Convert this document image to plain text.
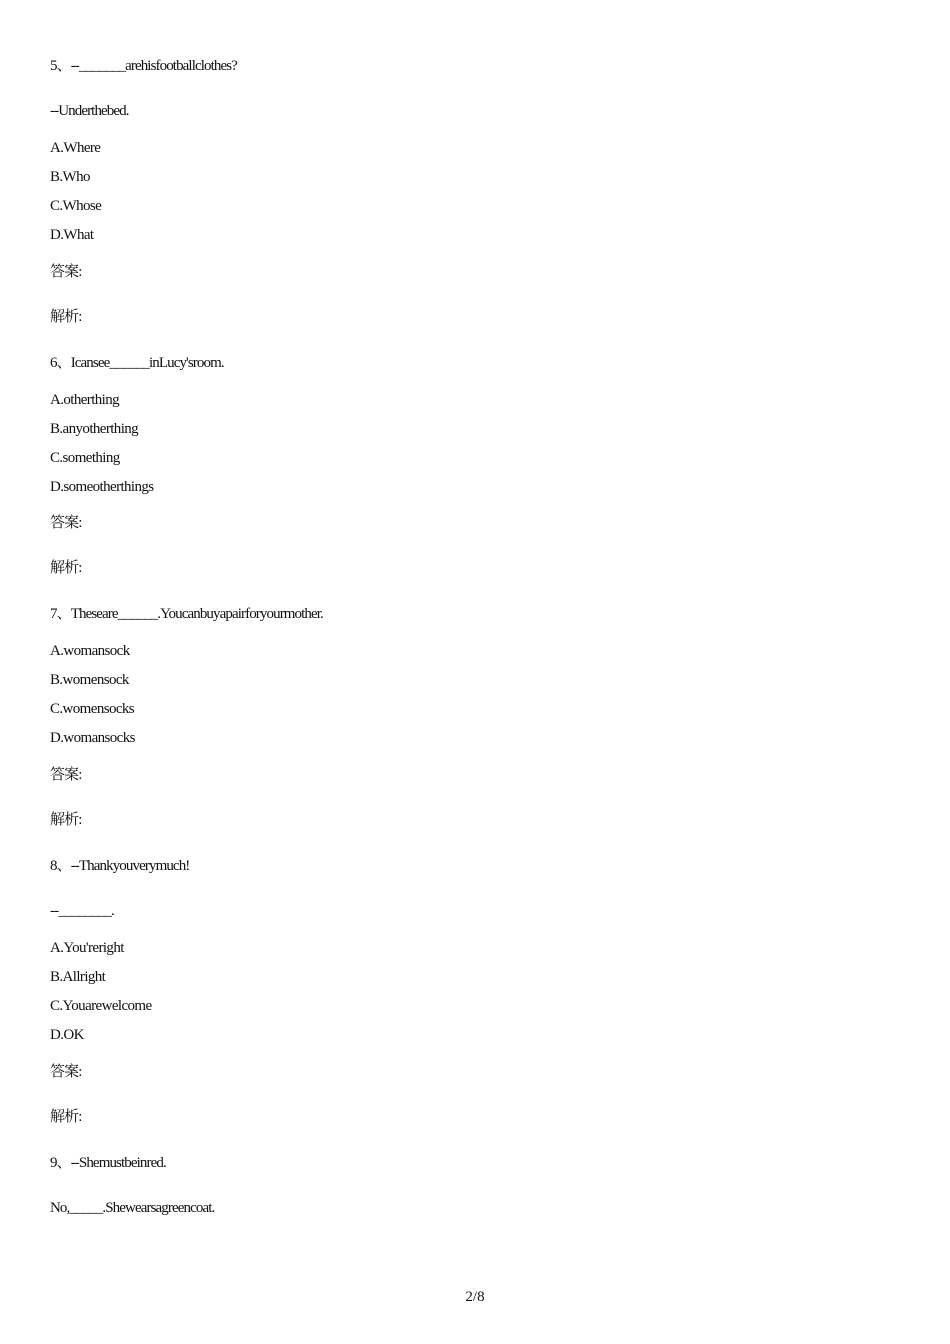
5、--_______arehisfootballclothes?
--Underthebed.
A.Where
B.Who
C.Whose
D.What
答案:
解析:
6、Icansee______inLucy'sroom.
A.otherthing
B.anyotherthing
C.something
D.someotherthings
答案:
解析:
7、Theseare______.Youcanbuyapairforyourmother.
A.womansock
B.womensock
C.womensocks
D.womansocks
答案:
解析:
8、--Thankyouverymuch!
--________.
A.You'reright
B.Allright
C.Youarewelcome
D.OK
答案:
解析:
9、--Shemustbeinred.
No,_____.Shewearsagreencoat.
2/8
